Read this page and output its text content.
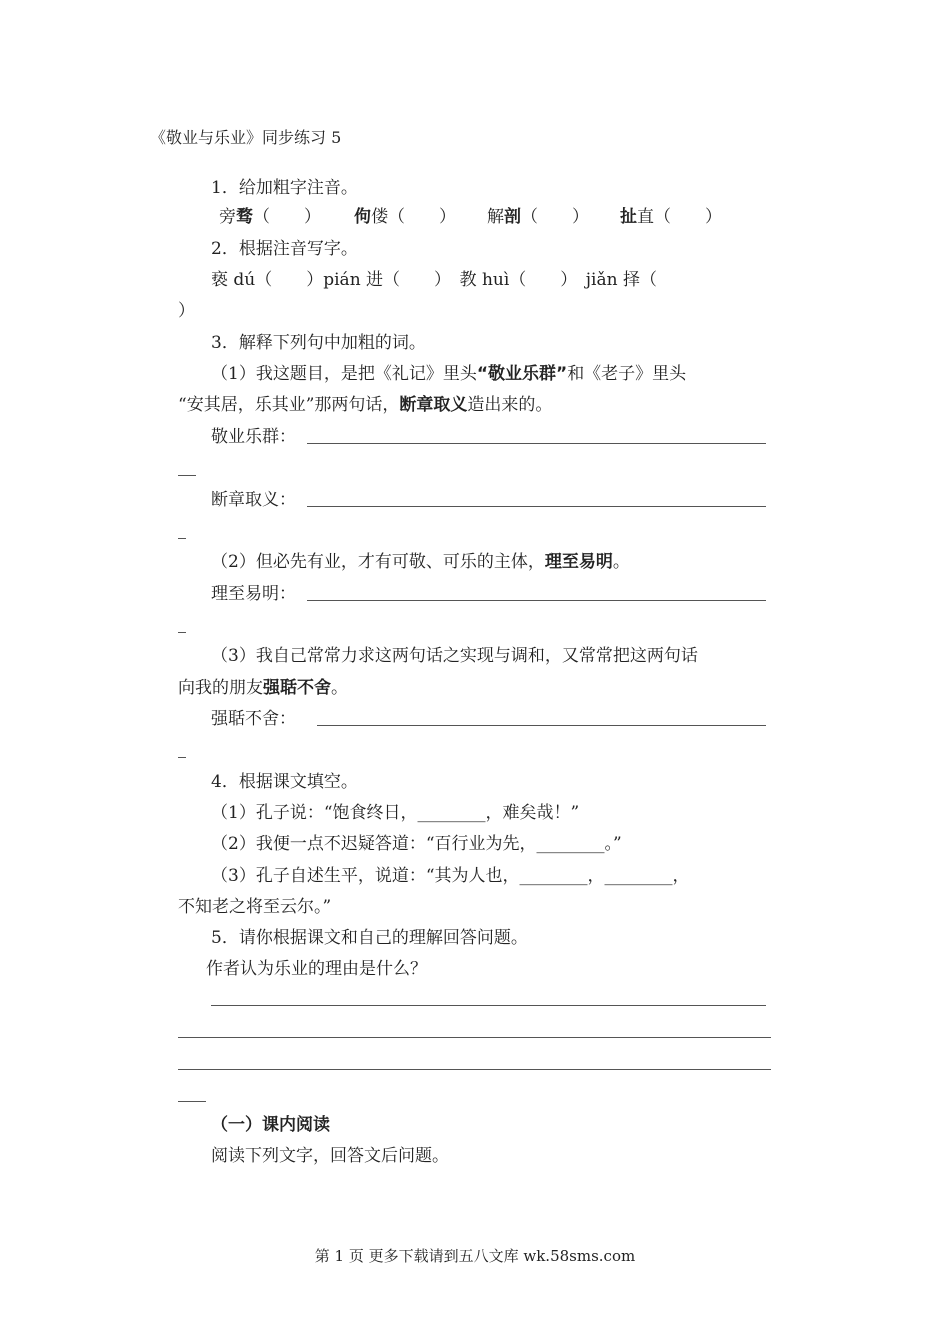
《敬业与乐业》同步练习 5
1．给加粗字注音。
旁骛（　　） 佝偻（　　） 解剖（　　） 扯直（　　）
2．根据注音写字。
亵 dú（　　）pián 进（　　）　教 huì（　　）　jiǎn 择（
）
3．解释下列句中加粗的词。
（1）我这题目，是把《礼记》里头“敬业乐群”和《老子》里头
“安其居，乐其业”那两句话，断章取义造出来的。
敬业乐群：
断章取义：
（2）但必先有业，才有可敬、可乐的主体，理至易明。
理至易明：
（3）我自己常常力求这两句话之实现与调和，又常常把这两句话
向我的朋友强聒不舍。
强聒不舍：
4．根据课文填空。
（1）孔子说：“饱食终日，________，难矣哉！”
（2）我便一点不迟疑答道：“百行业为先，________。”
（3）孔子自述生平，说道：“其为人也，________，________，
不知老之将至云尔。”
5．请你根据课文和自己的理解回答问题。
作者认为乐业的理由是什么？
（一）课内阅读
阅读下列文字，回答文后问题。
第 1 页 更多下载请到五八文库 wk.58sms.com
